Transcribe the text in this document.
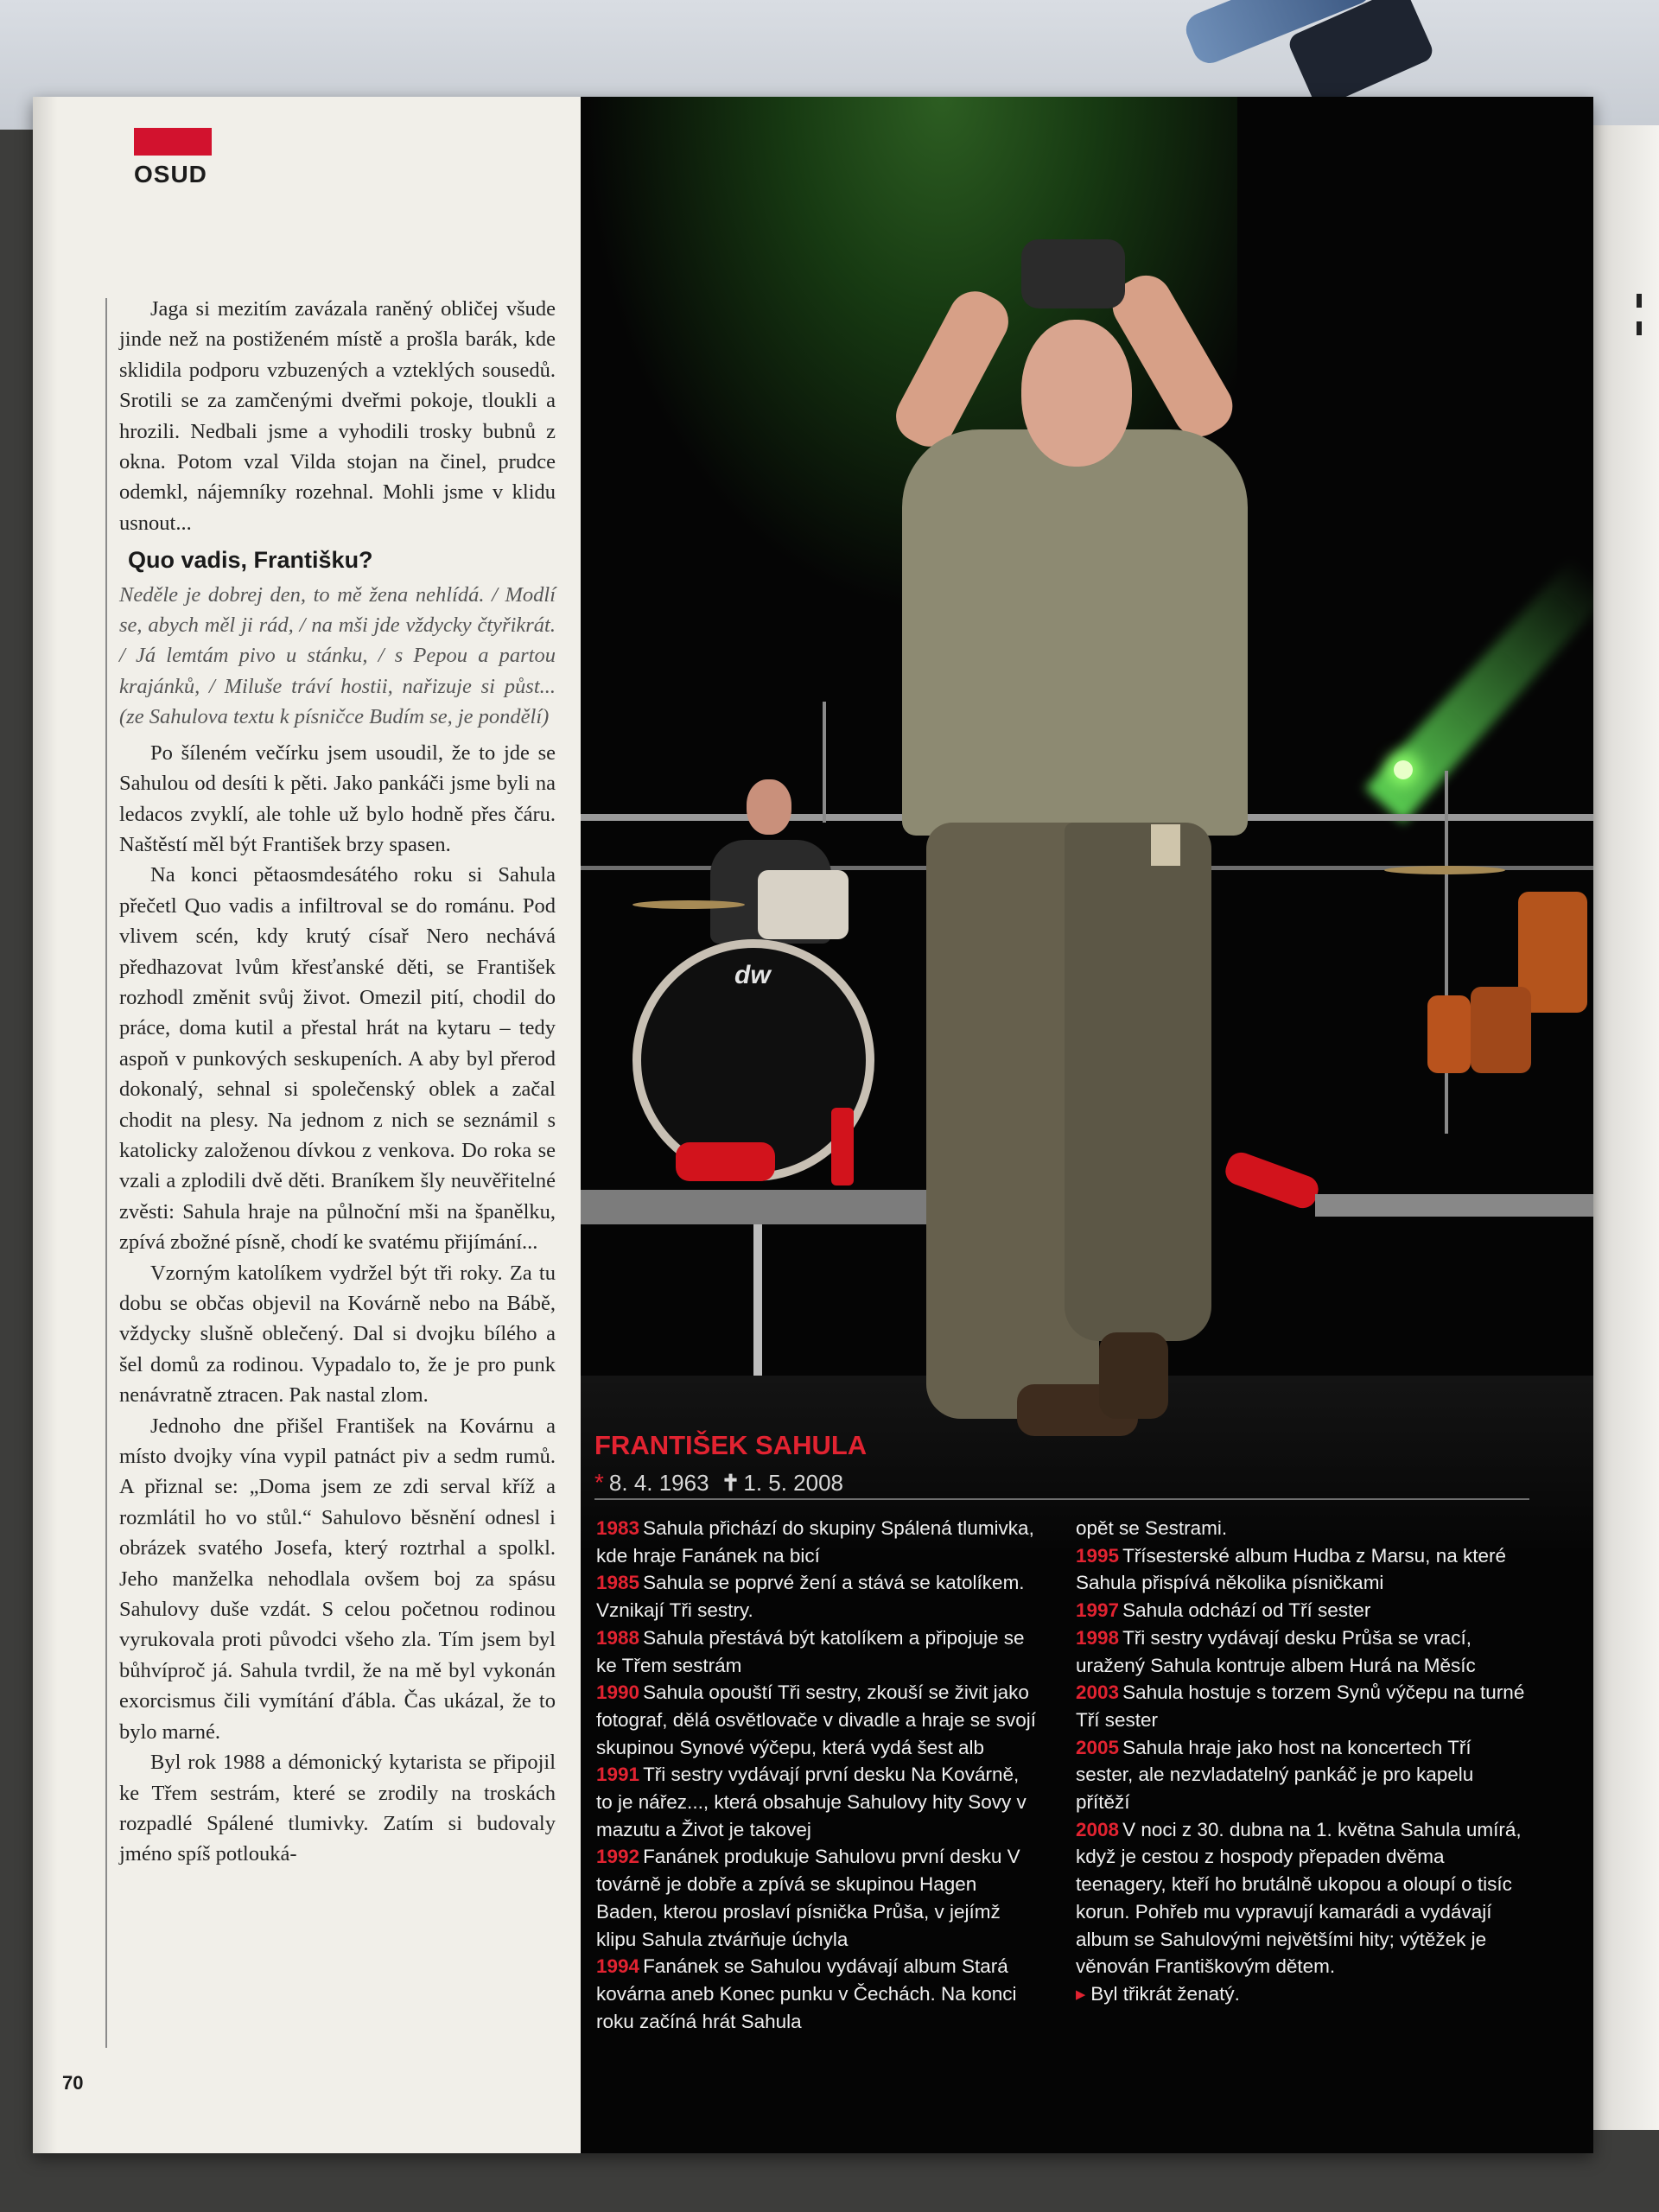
OSUD

Jaga si mezitím zavázala raněný obličej všude jinde než na postiženém místě a prošla barák, kde sklidila podporu vzbuzených a vzteklých sousedů. Srotili se za zamčenými dveřmi pokoje, tloukli a hrozili. Nedbali jsme a vyhodili trosky bubnů z okna. Potom vzal Vilda stojan na činel, prudce odemkl, nájemníky rozehnal. Mohli jsme v klidu usnout...

Quo vadis, Františku?

Neděle je dobrej den, to mě žena nehlídá. / Modlí se, abych měl ji rád, / na mši jde vždycky čtyřikrát. / Já lemtám pivo u stánku, / s Pepou a partou krajánků, / Miluše tráví hostii, nařizuje si půst... (ze Sahulova textu k písničce Budím se, je pondělí)

Po šíleném večírku jsem usoudil, že to jde se Sahulou od desíti k pěti. Jako pankáči jsme byli na ledacos zvyklí, ale tohle už bylo hodně přes čáru. Naštěstí měl být František brzy spasen.

Na konci pětaosmdesátého roku si Sahula přečetl Quo vadis a infiltroval se do románu. Pod vlivem scén, kdy krutý císař Nero nechává předhazovat lvům křesťanské děti, se František rozhodl změnit svůj život. Omezil pití, chodil do práce, doma kutil a přestal hrát na kytaru – tedy aspoň v punkových seskupeních. A aby byl přerod dokonalý, sehnal si společenský oblek a začal chodit na plesy. Na jednom z nich se seznámil s katolicky založenou dívkou z venkova. Do roka se vzali a zplodili dvě děti. Braníkem šly neuvěřitelné zvěsti: Sahula hraje na půlnoční mši na španělku, zpívá zbožné písně, chodí ke svatému přijímání...

Vzorným katolíkem vydržel být tři roky. Za tu dobu se občas objevil na Kovárně nebo na Bábě, vždycky slušně oblečený. Dal si dvojku bílého a šel domů za rodinou. Vypadalo to, že je pro punk nenávratně ztracen. Pak nastal zlom.

Jednoho dne přišel František na Kovárnu a místo dvojky vína vypil patnáct piv a sedm rumů. A přiznal se: „Doma jsem ze zdi serval kříž a rozmlátil ho vo stůl.“ Sahulovo běsnění odnesl i obrázek svatého Josefa, který roztrhal a spolkl. Jeho manželka nehodlala ovšem boj za spásu Sahulovy duše vzdát. S celou početnou rodinou vyrukovala proti původci všeho zla. Tím jsem byl bůhvíproč já. Sahula tvrdil, že na mě byl vykonán exorcismus čili vymítání ďábla. Čas ukázal, že to bylo marné.

Byl rok 1988 a démonický kytarista se připojil ke Třem sestrám, které se zrodily na troskách rozpadlé Spálené tlumivky. Zatím si budovaly jméno spíš potlouká-

70
dw
FRANTIŠEK SAHULA
* 8. 4. 1963 ✝ 1. 5. 2008

1983 Sahula přichází do skupiny Spálená tlumivka, kde hraje Fanánek na bicí

1985 Sahula se poprvé žení a stává se katolíkem. Vznikají Tři sestry.

1988 Sahula přestává být katolíkem a připojuje se ke Třem sestrám

1990 Sahula opouští Tři sestry, zkouší se živit jako fotograf, dělá osvětlovače v divadle a hraje se svojí skupinou Synové výčepu, která vydá šest alb

1991 Tři sestry vydávají první desku Na Kovárně, to je nářez..., která obsahuje Sahulovy hity Sovy v mazutu a Život je takovej

1992 Fanánek produkuje Sahulovu první desku V továrně je dobře a zpívá se skupinou Hagen Baden, kterou proslaví písnička Průša, v jejímž klipu Sahula ztvárňuje úchyla

1994 Fanánek se Sahulou vydávají album Stará kovárna aneb Konec punku v Čechách. Na konci roku začíná hrát Sahula

opět se Sestrami.

1995 Třísesterské album Hudba z Marsu, na které Sahula přispívá několika písničkami

1997 Sahula odchází od Tří sester

1998 Tři sestry vydávají desku Průša se vrací, uražený Sahula kontruje albem Hurá na Měsíc

2003 Sahula hostuje s torzem Synů výčepu na turné Tří sester

2005 Sahula hraje jako host na koncertech Tří sester, ale nezvladatelný pankáč je pro kapelu přítěží

2008 V noci z 30. dubna na 1. května Sahula umírá, když je cestou z hospody přepaden dvěma teenagery, kteří ho brutálně ukopou a oloupí o tisíc korun. Pohřeb mu vypravují kamarádi a vydávají album se Sahulovými největšími hity; výtěžek je věnován Františkovým dětem.

▸ Byl třikrát ženatý.
